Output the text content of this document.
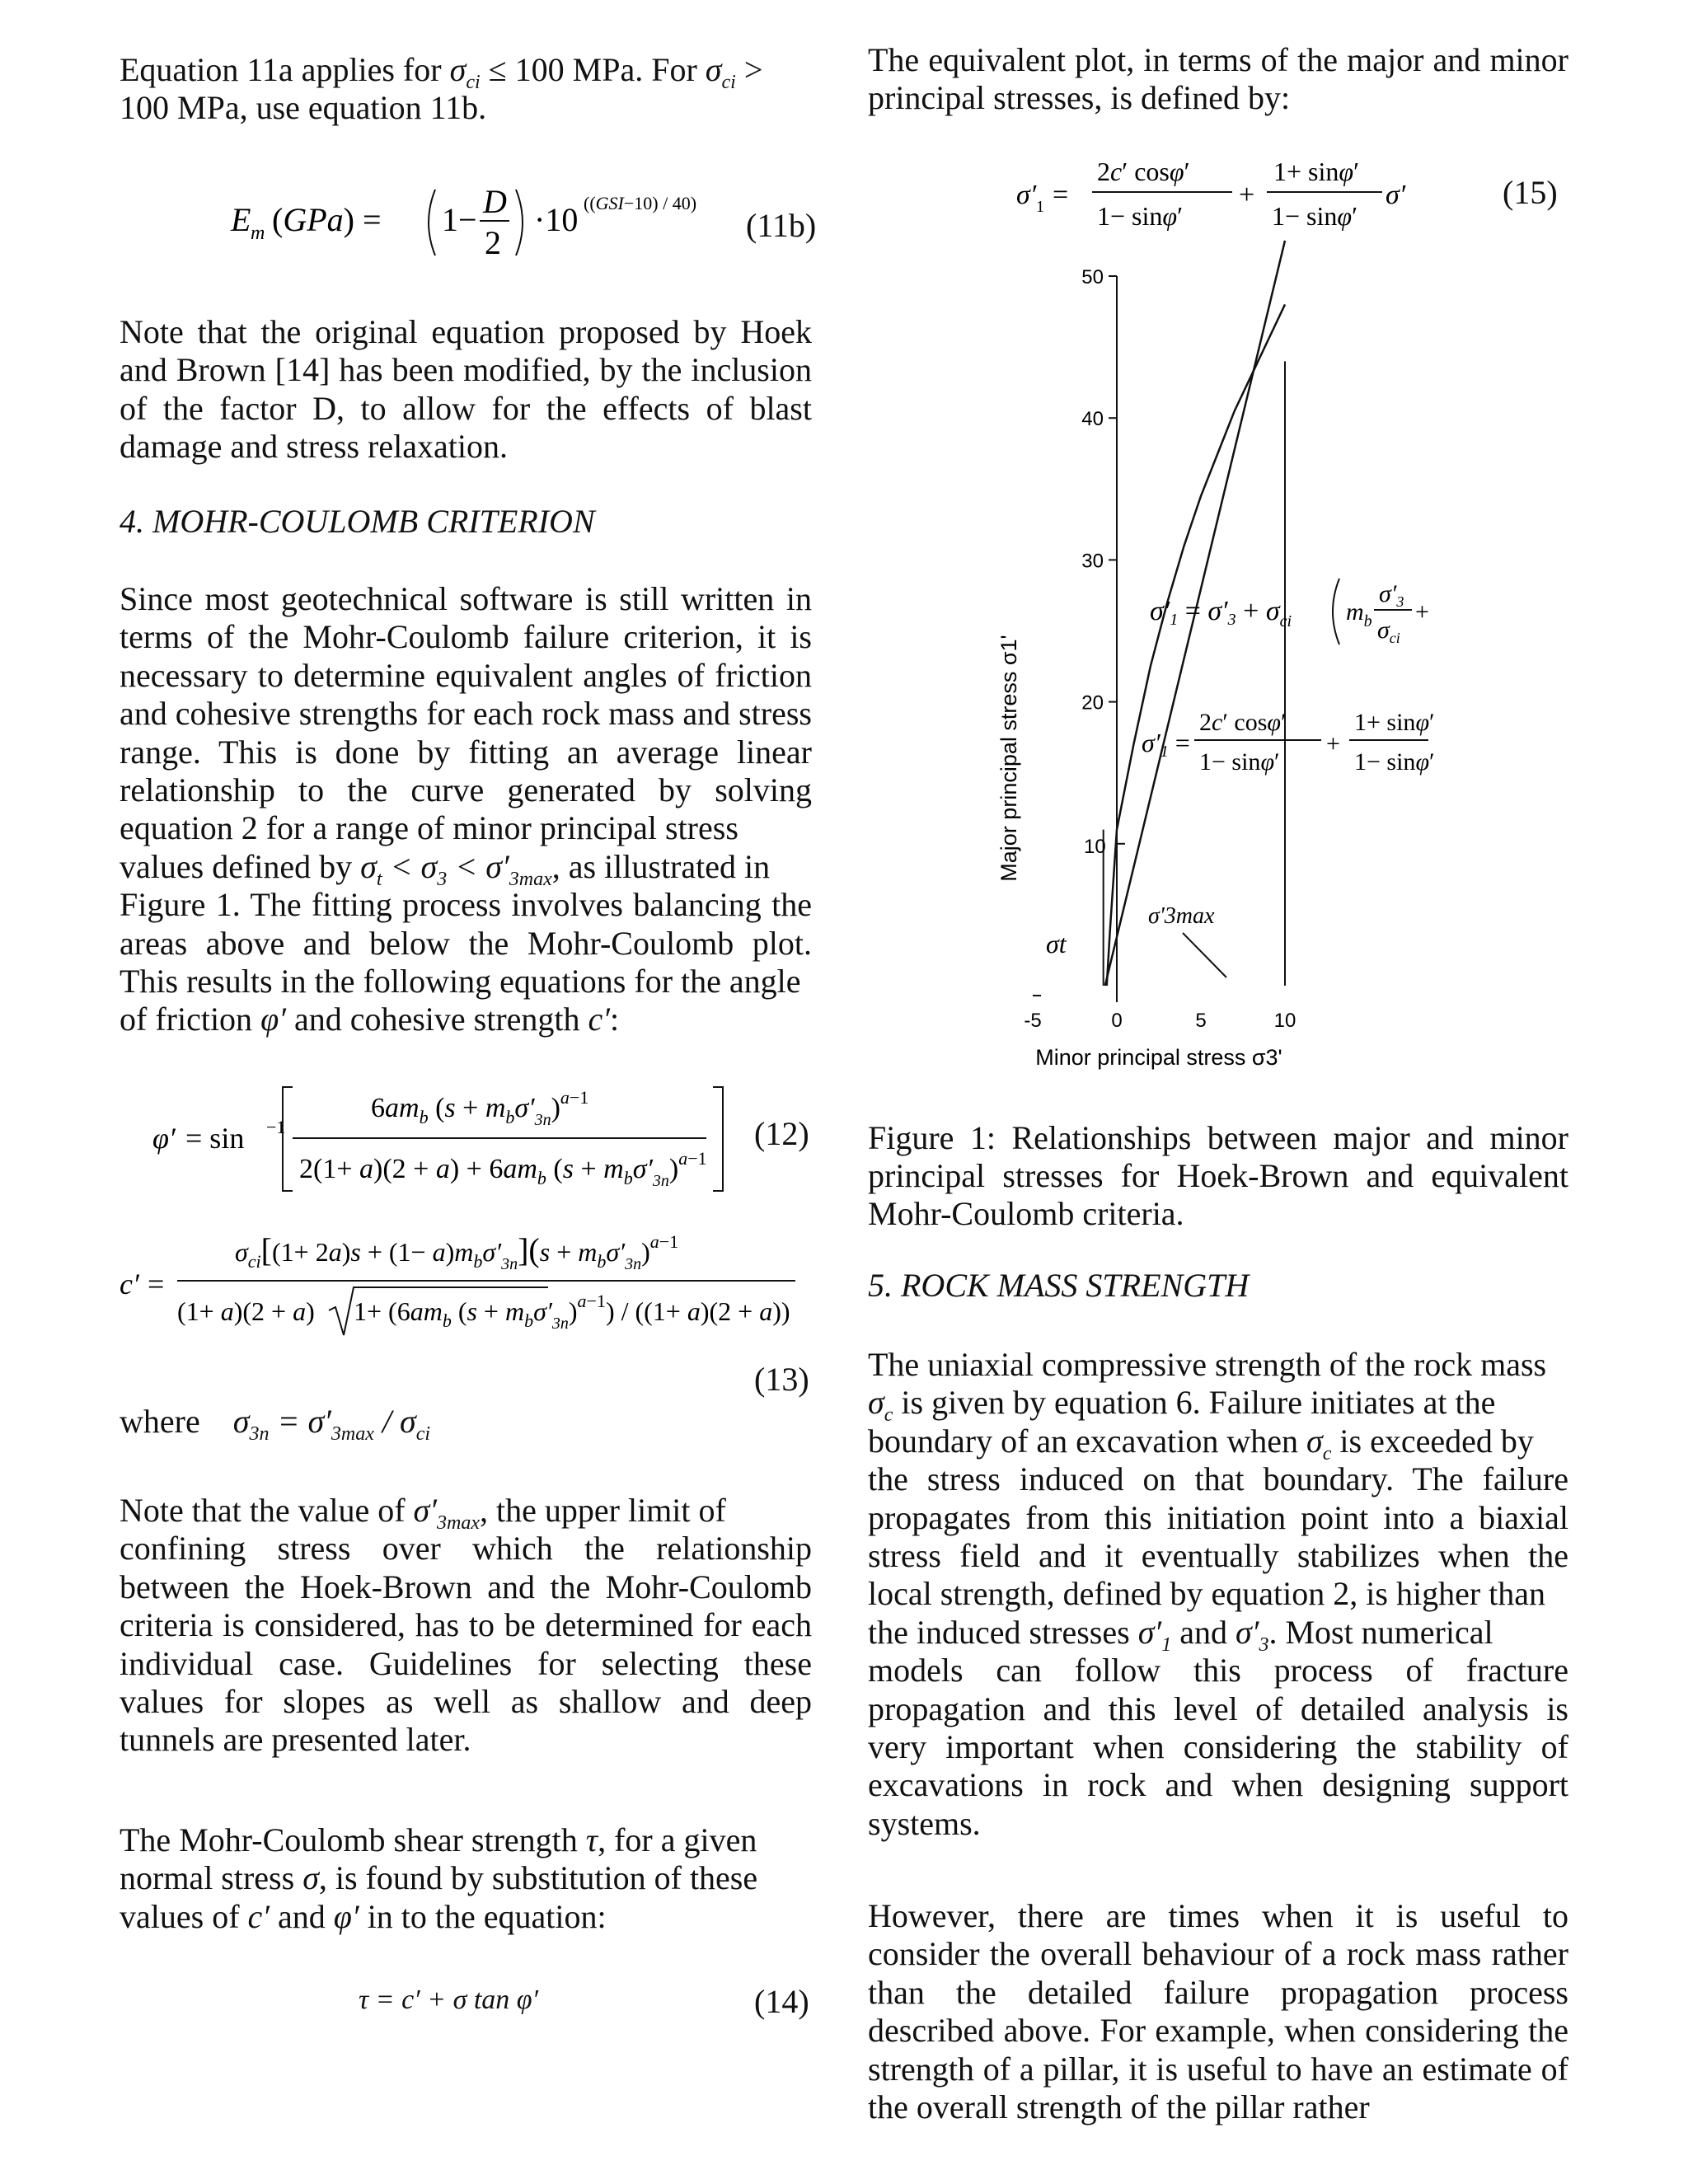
Equation 11a applies for $\sigma_{ci} \le 100$ MPa. For $\sigma_{ci}$ >
100 MPa, use equation 11b.
E m (GPa) = 1− D
2
·10 ((GSI−10) / 40)
(11b)
Note that the original equation proposed by Hoek and Brown [14] has been modified, by the inclusion of the factor D, to allow for the effects of blast damage and stress relaxation.
4. MOHR-COULOMB CRITERION
Since most geotechnical software is still written in terms of the Mohr-Coulomb failure criterion, it is necessary to determine equivalent angles of friction and cohesive strengths for each rock mass and stress range. This is done by fitting an average linear relationship to the curve generated by solving equation 2 for a range of minor principal stress
values defined by $\sigma_t < \sigma_3 < \sigma'_{3max}$, as illustrated in
Figure 1. The fitting process involves balancing the areas above and below the Mohr-Coulomb plot. This results in the following equations for the angle
of friction φ′ and cohesive strength c′:
φ′ = sin −1
$6am_b$ $(s + m_b\sigma'_{3n})^a-1$
$2(1+ a)(2 + a) + 6am_b$ $(s + m_b\sigma'_{3n})^a-1$
(12)
c′ =
$\sigma_{ci}[(1+ 2a)s + (1- a)m_b\sigma'_{3n}](s + m_b\sigma'_{3n})^a-1$
(1+ a)(2 + a) $1+ (6am_b$ $(s + m_b\sigma'_{3n})^a-1) / ((1+ a)(2 + a))$
(13)
where $\sigma_{3n} = \sigma'_{3max} / \sigma_{ci}$
Note that the value of $\sigma'_{3max}$, the upper limit of
confining stress over which the relationship between the Hoek-Brown and the Mohr-Coulomb criteria is considered, has to be determined for each individual case. Guidelines for selecting these values for slopes as well as shallow and deep tunnels are presented later.
The Mohr-Coulomb shear strength τ, for a given
normal stress σ, is found by substitution of these
values of c′ and φ′ in to the equation:
τ = c′ + σ tan φ′	(14)
The equivalent plot, in terms of the major and minor principal stresses, is defined by:
σ′ 1 =
2c′ cosφ′
1− sinφ′
+
1+ sinφ′
1− sinφ′
σ′	(15)
20
30
40
50
-5	0	5	10
Major principal stress σ1'
Minor principal stress σ3'
10
σt
σ'3max
$\sigma'1 = \sigma'3 + \sigma_{ci}$ $m_b$
$\sigma'_3$
$\sigma_{ci}$
+
σ′1 =
2c′ cosφ′
1− sinφ′
+
1+ sinφ′
1− sinφ′
Figure 1: Relationships between major and minor principal stresses for Hoek-Brown and equivalent Mohr-Coulomb criteria.
5. ROCK MASS STRENGTH
The uniaxial compressive strength of the rock mass
$\sigma_c$ is given by equation 6. Failure initiates at the
boundary of an excavation when $\sigma_c$ is exceeded by
the stress induced on that boundary. The failure propagates from this initiation point into a biaxial stress field and it eventually stabilizes when the local strength, defined by equation 2, is higher than
the induced stresses $\sigma'_1$ and $\sigma'_3$. Most numerical
models can follow this process of fracture propagation and this level of detailed analysis is very important when considering the stability of excavations in rock and when designing support systems.
However, there are times when it is useful to consider the overall behaviour of a rock mass rather than the detailed failure propagation process described above. For example, when considering the strength of a pillar, it is useful to have an estimate of the overall strength of the pillar rather
